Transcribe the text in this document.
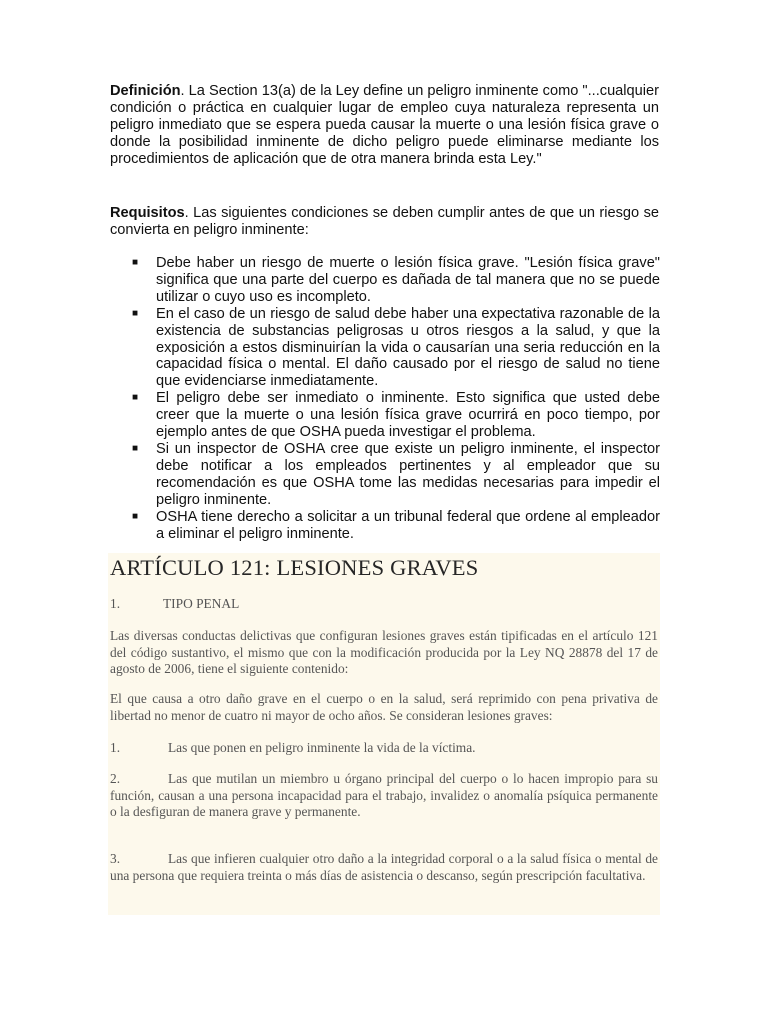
Definición. La Section 13(a) de la Ley define un peligro inminente como "...cualquier condición o práctica en cualquier lugar de empleo cuya naturaleza representa un peligro inmediato que se espera pueda causar la muerte o una lesión física grave o donde la posibilidad inminente de dicho peligro puede eliminarse mediante los procedimientos de aplicación que de otra manera brinda esta Ley."

Requisitos. Las siguientes condiciones se deben cumplir antes de que un riesgo se convierta en peligro inminente:

■ Debe haber un riesgo de muerte o lesión física grave. "Lesión física grave" significa que una parte del cuerpo es dañada de tal manera que no se puede utilizar o cuyo uso es incompleto.
■ En el caso de un riesgo de salud debe haber una expectativa razonable de la existencia de substancias peligrosas u otros riesgos a la salud, y que la exposición a estos disminuirían la vida o causarían una seria reducción en la capacidad física o mental. El daño causado por el riesgo de salud no tiene que evidenciarse inmediatamente.
■ El peligro debe ser inmediato o inminente. Esto significa que usted debe creer que la muerte o una lesión física grave ocurrirá en poco tiempo, por ejemplo antes de que OSHA pueda investigar el problema.
■ Si un inspector de OSHA cree que existe un peligro inminente, el inspector debe notificar a los empleados pertinentes y al empleador que su recomendación es que OSHA tome las medidas necesarias para impedir el peligro inminente.
■ OSHA tiene derecho a solicitar a un tribunal federal que ordene al empleador a eliminar el peligro inminente.
ARTÍCULO 121: LESIONES GRAVES

1.	TIPO PENAL

Las diversas conductas delictivas que configuran lesiones graves están tipificadas en el artículo 121 del código sustantivo, el mismo que con la modificación producida por la Ley NQ 28878 del 17 de agosto de 2006, tiene el siguiente contenido:

El que causa a otro daño grave en el cuerpo o en la salud, será reprimido con pena privativa de libertad no menor de cuatro ni mayor de ocho años. Se consideran lesiones graves:

1.	Las que ponen en peligro inminente la vida de la víctima.

2.	Las que mutilan un miembro u órgano principal del cuerpo o lo hacen impropio para su función, causan a una persona incapacidad para el trabajo, invalidez o anomalía psíquica permanente o la desfiguran de manera grave y permanente.

3.	Las que infieren cualquier otro daño a la integridad corporal o a la salud física o mental de una persona que requiera treinta o más días de asistencia o descanso, según prescripción facultativa.
